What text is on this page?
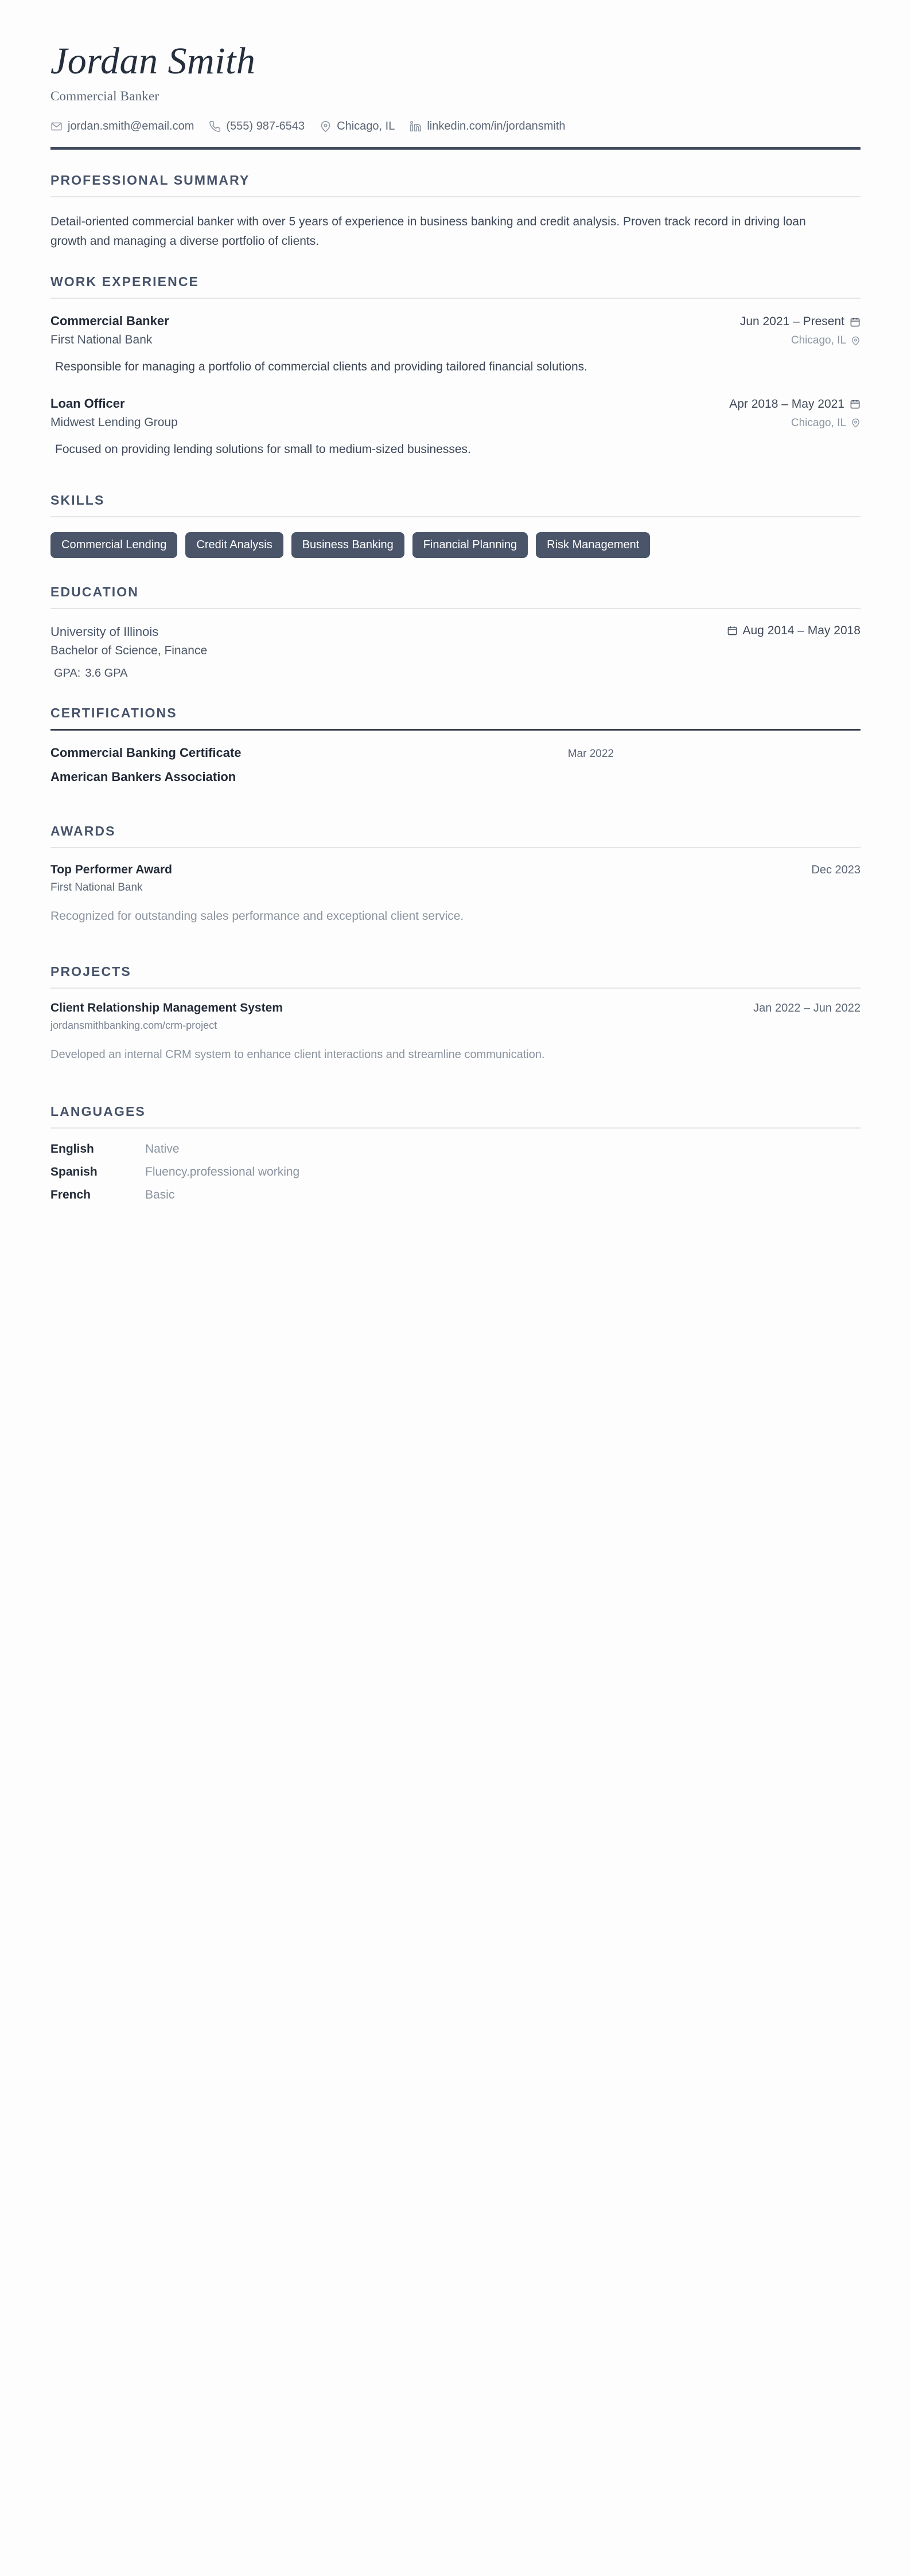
Jordan Smith
Commercial Banker
jordan.smith@email.com	(555) 987-6543	Chicago, IL	linkedin.com/in/jordansmith
PROFESSIONAL SUMMARY

Detail-oriented commercial banker with over 5 years of experience in business banking and credit analysis. Proven track record in driving loan growth and managing a diverse portfolio of clients.

WORK EXPERIENCE
Commercial Banker	Jun 2021 – Present
First National Bank	Chicago, IL
Responsible for managing a portfolio of commercial clients and providing tailored financial solutions.
Loan Officer	Apr 2018 – May 2021
Midwest Lending Group	Chicago, IL
Focused on providing lending solutions for small to medium-sized businesses.
SKILLS
Commercial Lending	Credit Analysis	Business Banking	Financial Planning	Risk Management
EDUCATION
University of Illinois	Aug 2014 – May 2018
Bachelor of Science, Finance
GPA: 3.6 GPA
CERTIFICATIONS
Commercial Banking Certificate	Mar 2022
American Bankers Association
AWARDS
Top Performer Award	Dec 2023
First National Bank
Recognized for outstanding sales performance and exceptional client service.
PROJECTS
Client Relationship Management System	Jan 2022 – Jun 2022
jordansmithbanking.com/crm-project
Developed an internal CRM system to enhance client interactions and streamline communication.
LANGUAGES
English	Native
Spanish	Fluency.professional working
French	Basic
